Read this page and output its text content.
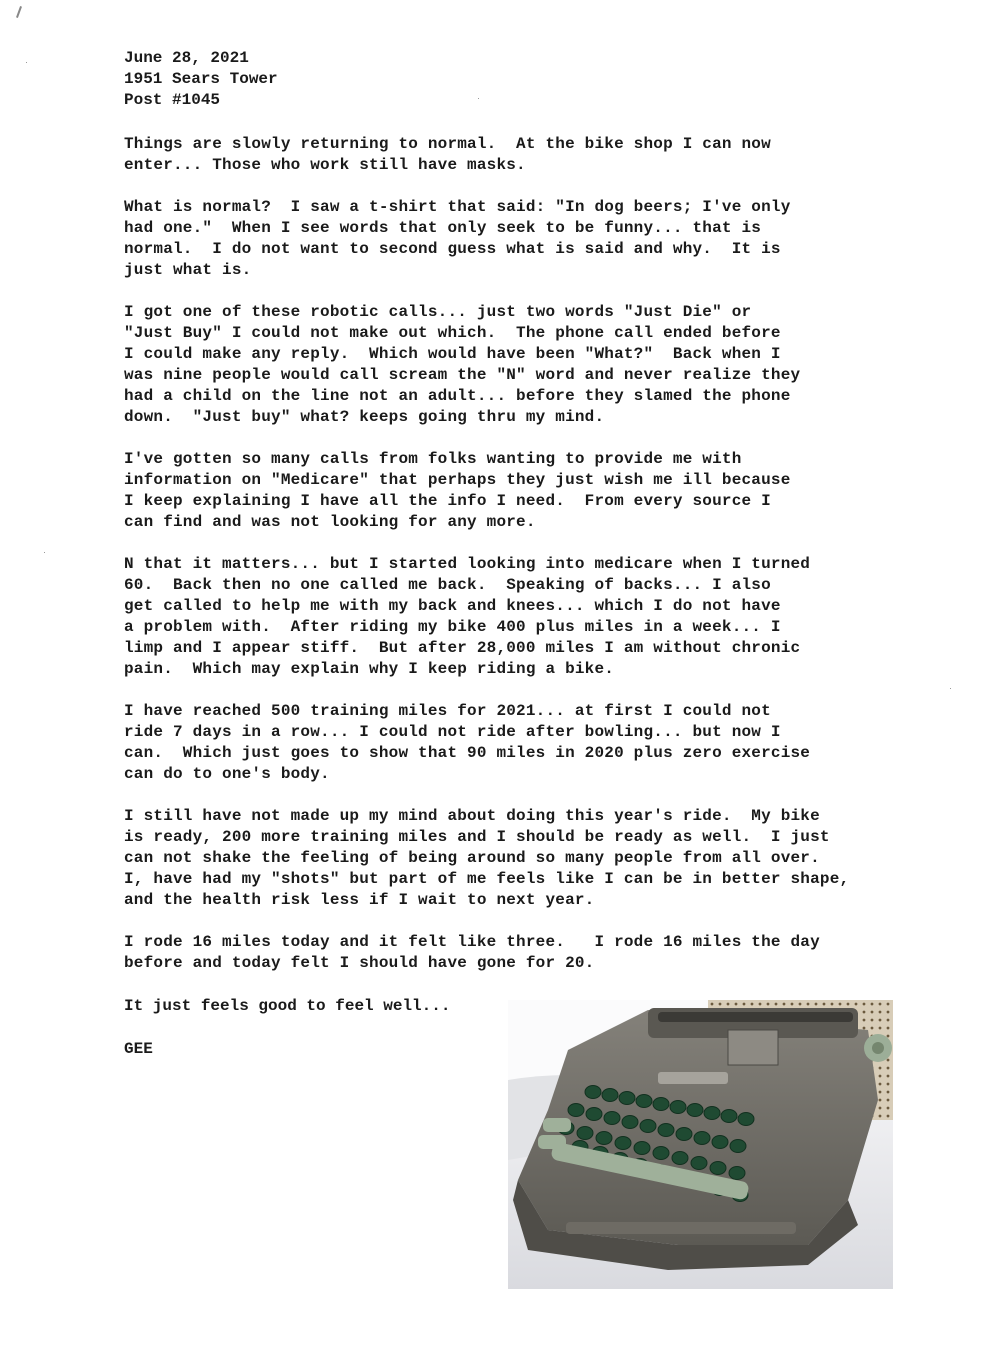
June 28, 2021
1951 Sears Tower
Post #1045
Things are slowly returning to normal.  At the bike shop I can now
enter... Those who work still have masks.
What is normal?  I saw a t-shirt that said: "In dog beers; I've only
had one."  When I see words that only seek to be funny... that is
normal.  I do not want to second guess what is said and why.  It is
just what is.
I got one of these robotic calls... just two words "Just Die" or
"Just Buy" I could not make out which.  The phone call ended before
I could make any reply.  Which would have been "What?"  Back when I
was nine people would call scream the "N" word and never realize they
had a child on the line not an adult... before they slamed the phone
down.  "Just buy" what? keeps going thru my mind.
I've gotten so many calls from folks wanting to provide me with
information on "Medicare" that perhaps they just wish me ill because
I keep explaining I have all the info I need.  From every source I
can find and was not looking for any more.
N that it matters... but I started looking into medicare when I turned
60.  Back then no one called me back.  Speaking of backs... I also
get called to help me with my back and knees... which I do not have
a problem with.  After riding my bike 400 plus miles in a week... I
limp and I appear stiff.  But after 28,000 miles I am without chronic
pain.  Which may explain why I keep riding a bike.
I have reached 500 training miles for 2021... at first I could not
ride 7 days in a row... I could not ride after bowling... but now I
can.  Which just goes to show that 90 miles in 2020 plus zero exercise
can do to one's body.
I still have not made up my mind about doing this year's ride.  My bike
is ready, 200 more training miles and I should be ready as well.  I just
can not shake the feeling of being around so many people from all over.
I, have had my "shots" but part of me feels like I can be in better shape,
and the health risk less if I wait to next year.
I rode 16 miles today and it felt like three.   I rode 16 miles the day
before and today felt I should have gone for 20.
It just feels good to feel well...
GEE
